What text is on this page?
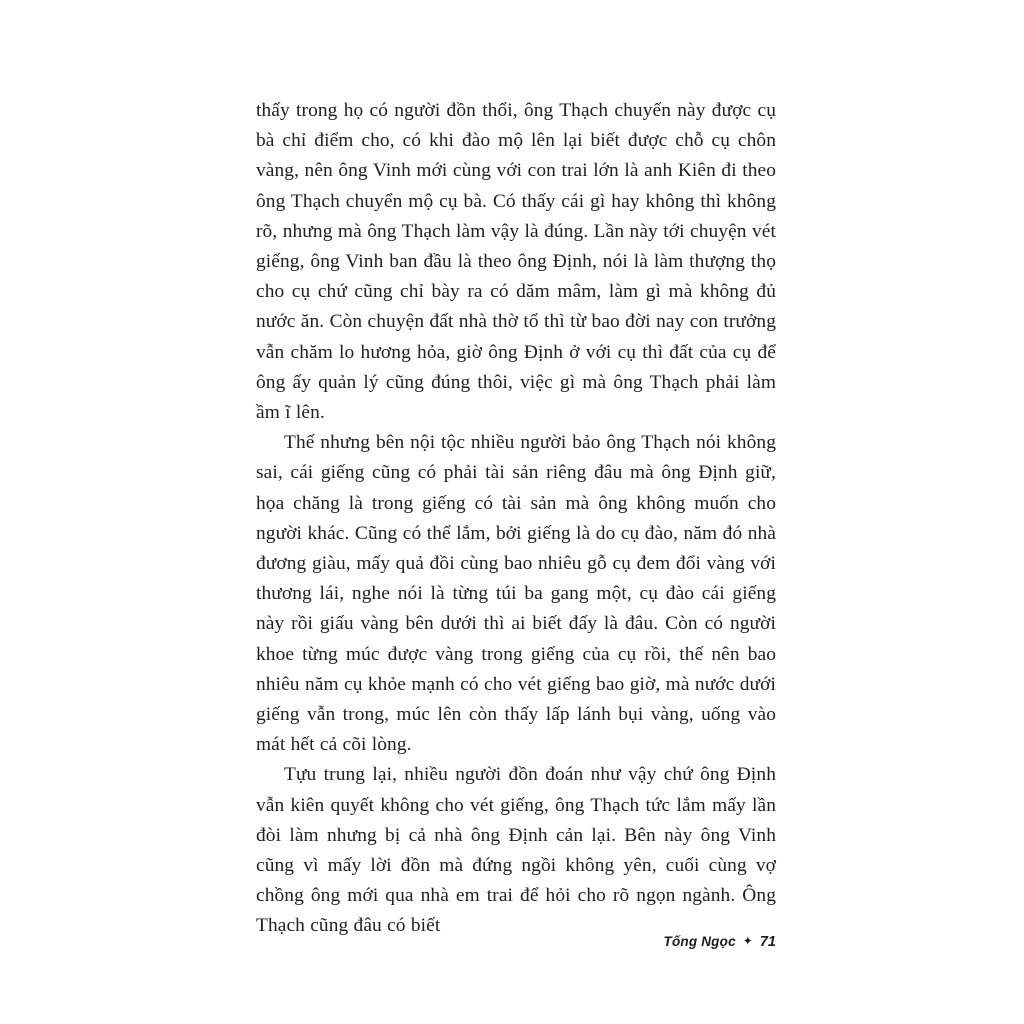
thấy trong họ có người đồn thổi, ông Thạch chuyến này được cụ bà chỉ điểm cho, có khi đào mộ lên lại biết được chỗ cụ chôn vàng, nên ông Vinh mới cùng với con trai lớn là anh Kiên đi theo ông Thạch chuyển mộ cụ bà. Có thấy cái gì hay không thì không rõ, nhưng mà ông Thạch làm vậy là đúng. Lần này tới chuyện vét giếng, ông Vinh ban đầu là theo ông Định, nói là làm thượng thọ cho cụ chứ cũng chỉ bày ra có dăm mâm, làm gì mà không đủ nước ăn. Còn chuyện đất nhà thờ tổ thì từ bao đời nay con trưởng vẫn chăm lo hương hỏa, giờ ông Định ở với cụ thì đất của cụ để ông ấy quản lý cũng đúng thôi, việc gì mà ông Thạch phải làm ầm ĩ lên.

Thế nhưng bên nội tộc nhiều người bảo ông Thạch nói không sai, cái giếng cũng có phải tài sản riêng đâu mà ông Định giữ, họa chăng là trong giếng có tài sản mà ông không muốn cho người khác. Cũng có thể lắm, bởi giếng là do cụ đào, năm đó nhà đương giàu, mấy quả đồi cùng bao nhiêu gỗ cụ đem đổi vàng với thương lái, nghe nói là từng túi ba gang một, cụ đào cái giếng này rồi giấu vàng bên dưới thì ai biết đấy là đâu. Còn có người khoe từng múc được vàng trong giếng của cụ rồi, thế nên bao nhiêu năm cụ khỏe mạnh có cho vét giếng bao giờ, mà nước dưới giếng vẫn trong, múc lên còn thấy lấp lánh bụi vàng, uống vào mát hết cả cõi lòng.

Tựu trung lại, nhiều người đồn đoán như vậy chứ ông Định vẫn kiên quyết không cho vét giếng, ông Thạch tức lắm mấy lần đòi làm nhưng bị cả nhà ông Định cản lại. Bên này ông Vinh cũng vì mấy lời đồn mà đứng ngồi không yên, cuối cùng vợ chồng ông mới qua nhà em trai để hỏi cho rõ ngọn ngành. Ông Thạch cũng đâu có biết

Tống Ngọc ✦ 71
